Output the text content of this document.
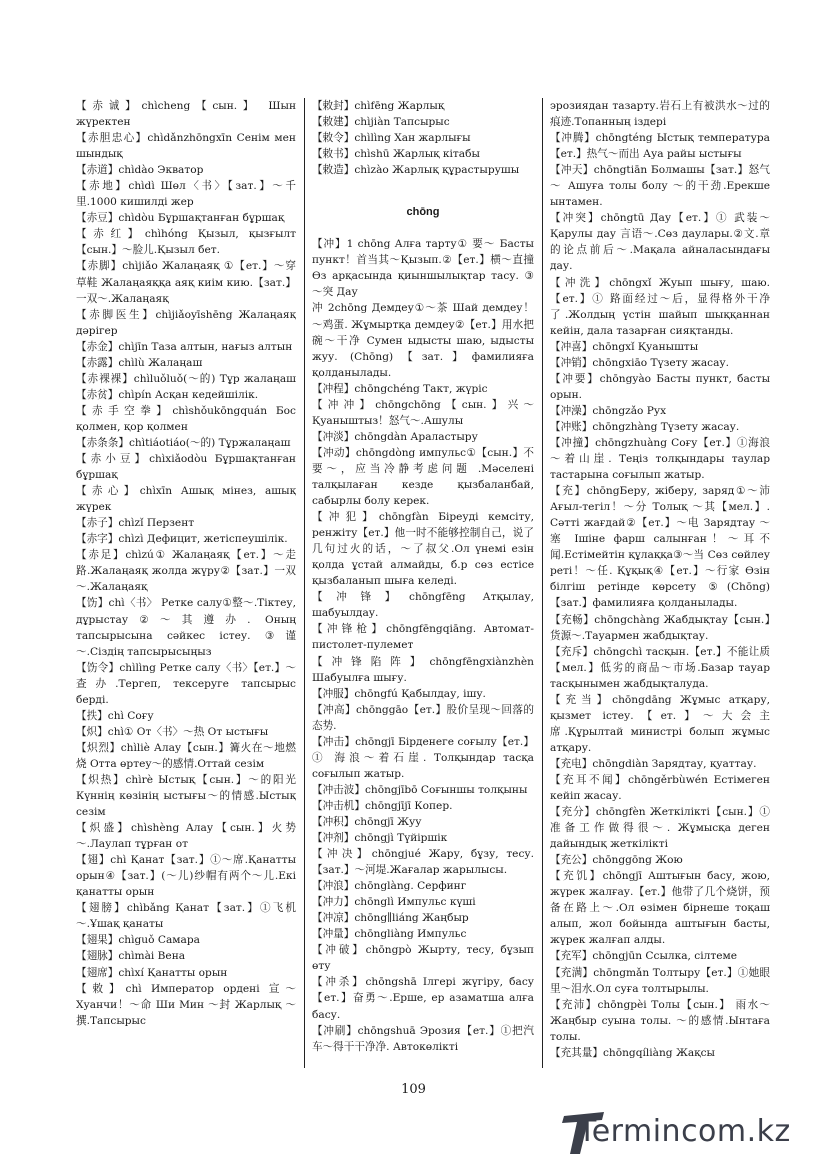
【赤诚】chìcheng【сын.】 Шын жүректен

【赤胆忠心】chìdǎnzhōngxīn Сенім мен шындық

【赤道】chìdào Экватор

【赤地】chìdì Шөл〈书〉【зат.】～千里.1000 кишилді жер

【赤豆】chìdòu Бұршақтанған бұршақ

【赤红】chìhóng Қызыл, қызғылт【сын.】～脸儿.Қызыл бет.

【赤脚】chìjiǎo Жалаңаяқ ①【ет.】～穿草鞋 Жалаңаяққа аяқ киім кию.【зат.】一双～.Жалаңаяқ

【赤脚医生】chìjiǎoyīshēng Жалаңаяқ дәрігер

【赤金】chìjīn Таза алтын, нағыз алтын

【赤露】chìlù Жалаңаш

【赤裸裸】chìluǒluǒ(～的) Тұр жалаңаш 【赤贫】chìpín Асқан кедейшілік.

【赤手空拳】chìshǒukōngquán Бос қолмен, қор қолмен

【赤条条】chìtiáotiáo(～的) Тұржалаңаш

【赤小豆】chìxiǎodòu Бұршақтанған бұршақ

【赤心】chìxīn Ашық мінез, ашық жүрек

【赤子】chìzǐ Перзент

【赤字】chìzì Дефицит, жетіспеушілік.

【赤足】chìzú① Жалаңаяқ【ет.】～走路.Жалаңаяқ жолда жүру②【зат.】一双～.Жалаңаяқ

【饬】chì〈书〉 Ретке салу①整～.Тіктеу, дұрыстау②～其遵办. Оның тапсырысына сәйкес істеу. ③谨～.Сіздің тапсырысыңыз

【饬令】chìlìng Ретке салу〈书〉【ет.】～查办.Тергеп, тексеруге тапсырыс берді.

【抶】chì Соғу

【炽】chì① От〈书〉～热 От ыстығы

【炽烈】chìliè Алау【сын.】篝火在～地燃烧 Отта өртеу～的感情.Оттай сезім

【炽热】chìrè Ыстық【сын.】～的阳光 Күннің көзінің ыстығы～的情感.Ыстық сезім

【炽盛】chìshèng Алау【сын.】火势～.Лаулап тұрған от

【翅】chì Қанат【зат.】①～席.Қанатты орын④【зат.】(～儿)纱帽有两个～儿.Екі қанатты орын

【翅膀】chìbǎng Қанат【зат.】①飞机～.Ұшақ қанаты

【翅果】chìguǒ Самара

【翅脉】chìmài Вена

【翅席】chìxí Қанатты орын

【敕】chì Император орденi 宣～Хуанчи！～命 Ши Мин ～封 Жарлық ～撰.Тапсырыс

【敕封】chìfēng Жарлық

【敕建】chìjiàn Тапсырыс

【敕令】chìlìng Хан жарлығы

【敕书】chìshū Жарлық кітабы

【敕造】chìzào Жарлық құрастырушы

chōng

【冲】1 chōng Алға тарту① 要～ Басты пункт！首当其～Қызып.②【ет.】横～直撞 Өз арқасында қиыншылықтар тасу. ③ ～突 Дау

冲 2chōng Демдеу①～茶 Шай демдеу！～鸡蛋. Жұмыртқа демдеу②【ет.】用水把碗～干净 Сумен ыдысты шаю, ыдысты жуу. (Chōng)【зат.】фамилияға қолданылады.

【冲程】chōngchéng Такт, жүріс

【冲冲】chōngchōng【сын.】兴～Қуаныштыз！怒气～.Ашулы

【冲淡】chōngdàn Араластыру

【冲动】chōngdòng импульс①【сын.】不要～，应当冷静考虑问题 .Мәселені талқылаған кезде қызбаланбай, сабырлы болу керек.

【冲犯】chōngfàn Біреуді кемсіту, ренжіту【ет.】他一时不能够控制自己，说了几句过火的话，～了叔父.Ол үнемі езін қолда ұстай алмайды, б.р сөз естісе қызбаланып шыға келеді.

【冲锋】chōngfēng Атқылау, шабуылдау.

【冲锋枪】chōngfēngqiāng. Автомат-пистолет-пулемет

【冲锋陷阵】chōngfēngxiànzhèn Шабуылға шығу.

【冲服】chōngfú Қабылдау, ішу.

【冲高】chōnggāo【ет.】股价呈现～回落的态势.

【冲击】chōngjī Бірденеге соғылу【ет.】① 海浪～着石崖. Толқындар тасқа соғылып жатыр.

【冲击波】chōngjībō Соғыншы толқыны

【冲击机】chōngjījī Копер.

【冲积】chōngjī Жуу

【冲剂】chōngjì Түйіршік

【冲决】chōngjué Жару, бұзу, тесу.【зат.】～河堤.Жағалар жарылысы.

【冲浪】chōnglàng. Серфинг

【冲力】chōnglì Импульс күші

【冲凉】chōng∥liáng Жаңбыр

【冲量】chōngliàng Импульс

【冲破】chōngpò Жырту, тесу, бұзып өту

【冲杀】chōngshā Ілгері жүгіру, басу【ет.】奋勇～.Ерше, ер азаматша алға басу.

【冲刷】chōngshuā Эрозия【ет.】①把汽车～得干干净净. Автокөлікті

эрозиядан тазарту.岩石上有被洪水～过的痕迹.Топанның іздері

【冲腾】chōngténg Ыстық температура【ет.】热气～而出 Ауа райы ыстығы

【冲天】chōngtiān Болмашы【зат.】怒气～ Ашуға толы болу ～的干劲.Ерекше ынтамен.

【冲突】chōngtū Дау【ет.】① 武装～ Қарулы дау 言语～.Сөз даулары.②文.章的论点前后～.Мақала айналасындағы дау.

【冲洗】chōngxǐ Жуып шығу, шаю.【ет.】① 路面经过～后，显得格外干净了.Жолдың үстін шайып шыққаннан кейін, дала тазарған сияқтанды.

【冲喜】chōngxǐ Қуанышты

【冲销】chōngxiāo Түзету жасау.

【冲要】chōngyào Басты пункт, басты орын.

【冲澡】chōngzǎo Рух

【冲账】chōngzhàng Түзету жасау.

【冲撞】chōngzhuàng Соғу【ет.】①海浪～着山崖. Теңіз толқындары таулар тастарына соғылып жатыр.

【充】chōngБеру, жіберу, заряд①～沛 Ағыл-тегіл！～分 Толық ～其【мел.】. Сәтті жағдай②【ет.】～电 Зарядтау ～塞 Ішіне фарш салынған！～耳不闻.Естімейтін құлаққа③～当 Сөз сөйлеу реті！～任. Құқық④【ет.】～行家 Өзін білгіш ретінде көрсету ⑤(Chōng)【зат.】фамилияға қолданылады.

【充畅】chōngchàng Жабдықтау【сын.】货源～.Тауармен жабдықтау.

【充斥】chōngchì тасқын.【ет.】不能让质【мел.】低劣的商品～市场.Базар тауар тасқынымен жабдықталуда.

【充当】chōngdāng Жұмыс атқару, қызмет істеу.【ет.】～大会主席.Құрылтай министрі болып жұмыс атқару.

【充电】chōngdiàn Зарядтау, қуаттау.

【充耳不闻】chōngěrbùwén Естімеген кейіп жасау.

【充分】chōngfèn Жеткілікті【сын.】①准备工作做得很～. Жұмысқа деген дайындық жеткілікті

【充公】chōnggōng Жою

【充饥】chōngjī Аштығын басу, жою, жүрек жалғау.【ет.】他带了几个烧饼，预备在路上～.Ол өзімен бірнеше тоқаш алып, жол бойында аштығын басты, жүрек жалғап алды.

【充军】chōngjūn Ссылка, сілтеме

【充满】chōngmǎn Толтыру【ет.】①她眼里～泪水.Ол суға толтырылы.

【充沛】chōngpèi Толы【сын.】 雨水～ Жаңбыр суына толы. ～的感情.Ынтаға толы.

【充其量】chōngqíliàng Жақсы

109
Termincom.kz
